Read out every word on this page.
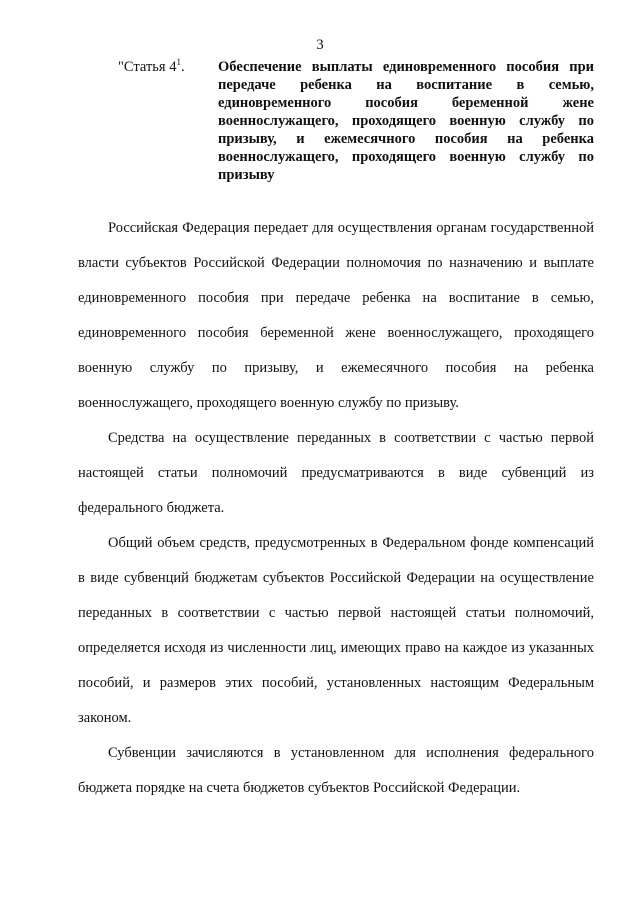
3
"Статья $4^1$. Обеспечение выплаты единовременного пособия при передаче ребенка на воспитание в семью, единовременного пособия беременной жене военнослужащего, проходящего военную службу по призыву, и ежемесячного пособия на ребенка военнослужащего, проходящего военную службу по призыву

Российская Федерация передает для осуществления органам государственной власти субъектов Российской Федерации полномочия по назначению и выплате единовременного пособия при передаче ребенка на воспитание в семью, единовременного пособия беременной жене военнослужащего, проходящего военную службу по призыву, и ежемесячного пособия на ребенка военнослужащего, проходящего военную службу по призыву.

Средства на осуществление переданных в соответствии с частью первой настоящей статьи полномочий предусматриваются в виде субвенций из федерального бюджета.

Общий объем средств, предусмотренных в Федеральном фонде компенсаций в виде субвенций бюджетам субъектов Российской Федерации на осуществление переданных в соответствии с частью первой настоящей статьи полномочий, определяется исходя из численности лиц, имеющих право на каждое из указанных пособий, и размеров этих пособий, установленных настоящим Федеральным законом.

Субвенции зачисляются в установленном для исполнения федерального бюджета порядке на счета бюджетов субъектов Российской Федерации.
